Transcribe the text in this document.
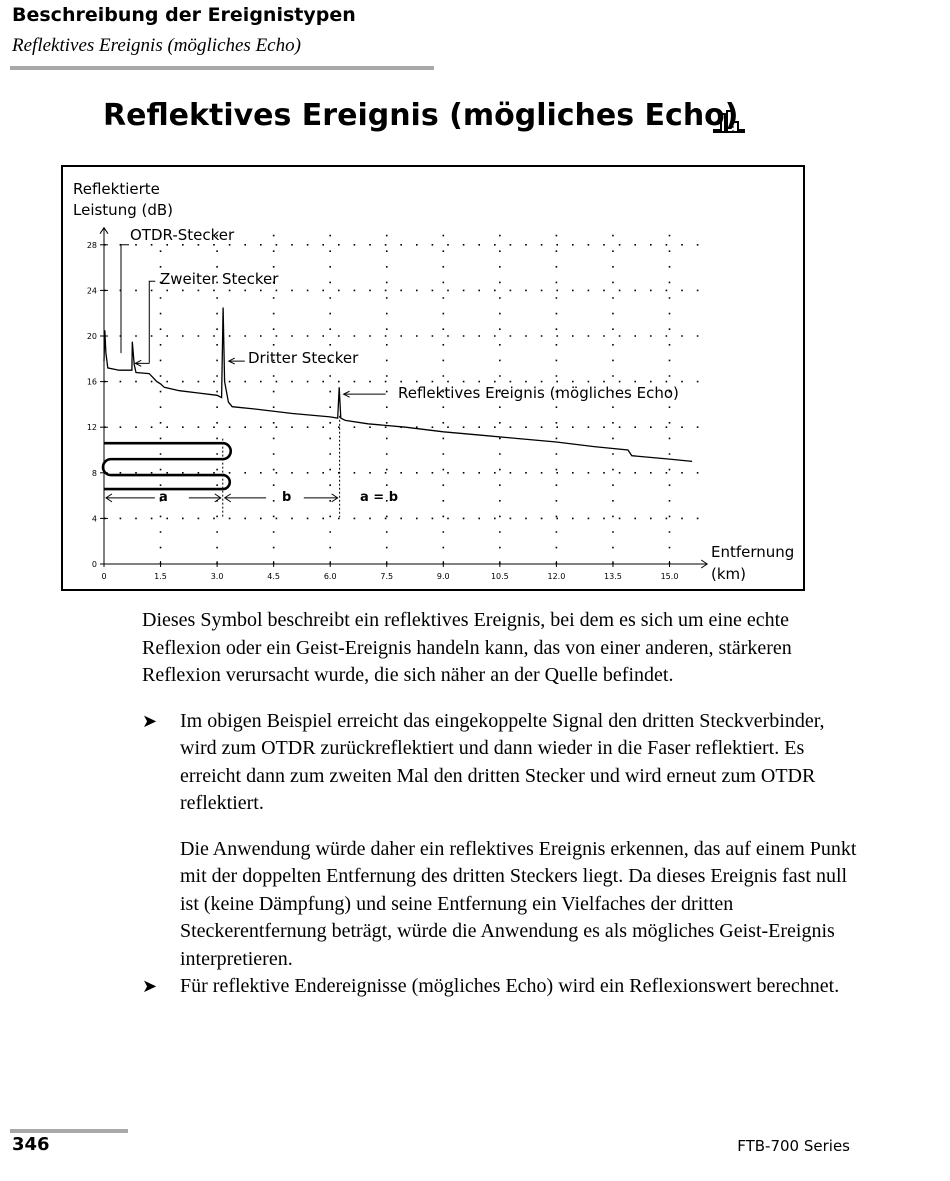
Beschreibung der Ereignistypen
Reflektives Ereignis (mögliches Echo)
Reflektives Ereignis (mögliches Echo)
0	1.5	3.0	4.5	6.0	7.5	9.0	10.5	12.0	13.5	15.0
0
4
8
12
16
20
24
28
Reflektierte
Leistung (dB)
Entfernung
(km)
OTDR-Stecker
Zweiter Stecker
Dritter Stecker
Reflektives Ereignis (mögliches Echo)
a	b	a = b

Dieses Symbol beschreibt ein reflektives Ereignis, bei dem es sich um eine echte Reflexion oder ein Geist-Ereignis handeln kann, das von einer anderen, stärkeren Reflexion verursacht wurde, die sich näher an der Quelle befindet.

➤ Im obigen Beispiel erreicht das eingekoppelte Signal den dritten Steckverbinder, wird zum OTDR zurückreflektiert und dann wieder in die Faser reflektiert. Es erreicht dann zum zweiten Mal den dritten Stecker und wird erneut zum OTDR reflektiert.

Die Anwendung würde daher ein reflektives Ereignis erkennen, das auf einem Punkt mit der doppelten Entfernung des dritten Steckers liegt. Da dieses Ereignis fast null ist (keine Dämpfung) und seine Entfernung ein Vielfaches der dritten Steckerentfernung beträgt, würde die Anwendung es als mögliches Geist-Ereignis interpretieren.

➤ Für reflektive Endereignisse (mögliches Echo) wird ein Reflexionswert berechnet.

346	FTB-700 Series
